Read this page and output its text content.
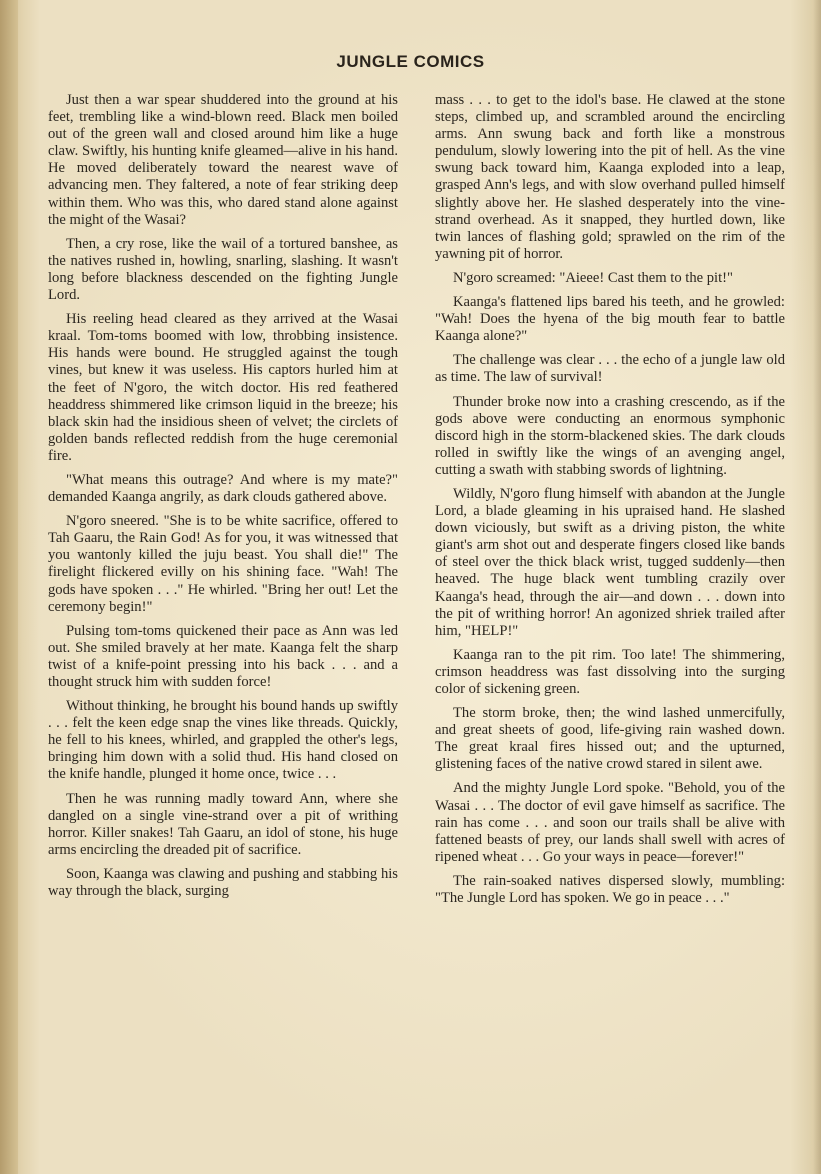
JUNGLE COMICS

Just then a war spear shuddered into the ground at his feet, trembling like a wind-blown reed. Black men boiled out of the green wall and closed around him like a huge claw. Swiftly, his hunting knife gleamed—alive in his hand. He moved deliberately toward the nearest wave of advancing men. They faltered, a note of fear striking deep within them. Who was this, who dared stand alone against the might of the Wasai?

Then, a cry rose, like the wail of a tortured banshee, as the natives rushed in, howling, snarling, slashing. It wasn't long before blackness descended on the fighting Jungle Lord.

His reeling head cleared as they arrived at the Wasai kraal. Tom-toms boomed with low, throbbing insistence. His hands were bound. He struggled against the tough vines, but knew it was useless. His captors hurled him at the feet of N'goro, the witch doctor. His red feathered headdress shimmered like crimson liquid in the breeze; his black skin had the insidious sheen of velvet; the circlets of golden bands reflected reddish from the huge ceremonial fire.

"What means this outrage? And where is my mate?" demanded Kaanga angrily, as dark clouds gathered above.

N'goro sneered. "She is to be white sacrifice, offered to Tah Gaaru, the Rain God! As for you, it was witnessed that you wantonly killed the juju beast. You shall die!" The firelight flickered evilly on his shining face. "Wah! The gods have spoken . . ." He whirled. "Bring her out! Let the ceremony begin!"

Pulsing tom-toms quickened their pace as Ann was led out. She smiled bravely at her mate. Kaanga felt the sharp twist of a knife-point pressing into his back . . . and a thought struck him with sudden force!

Without thinking, he brought his bound hands up swiftly . . . felt the keen edge snap the vines like threads. Quickly, he fell to his knees, whirled, and grappled the other's legs, bringing him down with a solid thud. His hand closed on the knife handle, plunged it home once, twice . . .

Then he was running madly toward Ann, where she dangled on a single vine-strand over a pit of writhing horror. Killer snakes! Tah Gaaru, an idol of stone, his huge arms encircling the dreaded pit of sacrifice.

Soon, Kaanga was clawing and pushing and stabbing his way through the black, surging

mass . . . to get to the idol's base. He clawed at the stone steps, climbed up, and scrambled around the encircling arms. Ann swung back and forth like a monstrous pendulum, slowly lowering into the pit of hell. As the vine swung back toward him, Kaanga exploded into a leap, grasped Ann's legs, and with slow overhand pulled himself slightly above her. He slashed desperately into the vine-strand overhead. As it snapped, they hurtled down, like twin lances of flashing gold; sprawled on the rim of the yawning pit of horror.

N'goro screamed: "Aieee! Cast them to the pit!"

Kaanga's flattened lips bared his teeth, and he growled: "Wah! Does the hyena of the big mouth fear to battle Kaanga alone?"

The challenge was clear . . . the echo of a jungle law old as time. The law of survival!

Thunder broke now into a crashing crescendo, as if the gods above were conducting an enormous symphonic discord high in the storm-blackened skies. The dark clouds rolled in swiftly like the wings of an avenging angel, cutting a swath with stabbing swords of lightning.

Wildly, N'goro flung himself with abandon at the Jungle Lord, a blade gleaming in his upraised hand. He slashed down viciously, but swift as a driving piston, the white giant's arm shot out and desperate fingers closed like bands of steel over the thick black wrist, tugged suddenly—then heaved. The huge black went tumbling crazily over Kaanga's head, through the air—and down . . . down into the pit of writhing horror! An agonized shriek trailed after him, "HELP!"

Kaanga ran to the pit rim. Too late! The shimmering, crimson headdress was fast dissolving into the surging color of sickening green.

The storm broke, then; the wind lashed unmercifully, and great sheets of good, life-giving rain washed down. The great kraal fires hissed out; and the upturned, glistening faces of the native crowd stared in silent awe.

And the mighty Jungle Lord spoke. "Behold, you of the Wasai . . . The doctor of evil gave himself as sacrifice. The rain has come . . . and soon our trails shall be alive with fattened beasts of prey, our lands shall swell with acres of ripened wheat . . . Go your ways in peace—forever!"

The rain-soaked natives dispersed slowly, mumbling: "The Jungle Lord has spoken. We go in peace . . ."
